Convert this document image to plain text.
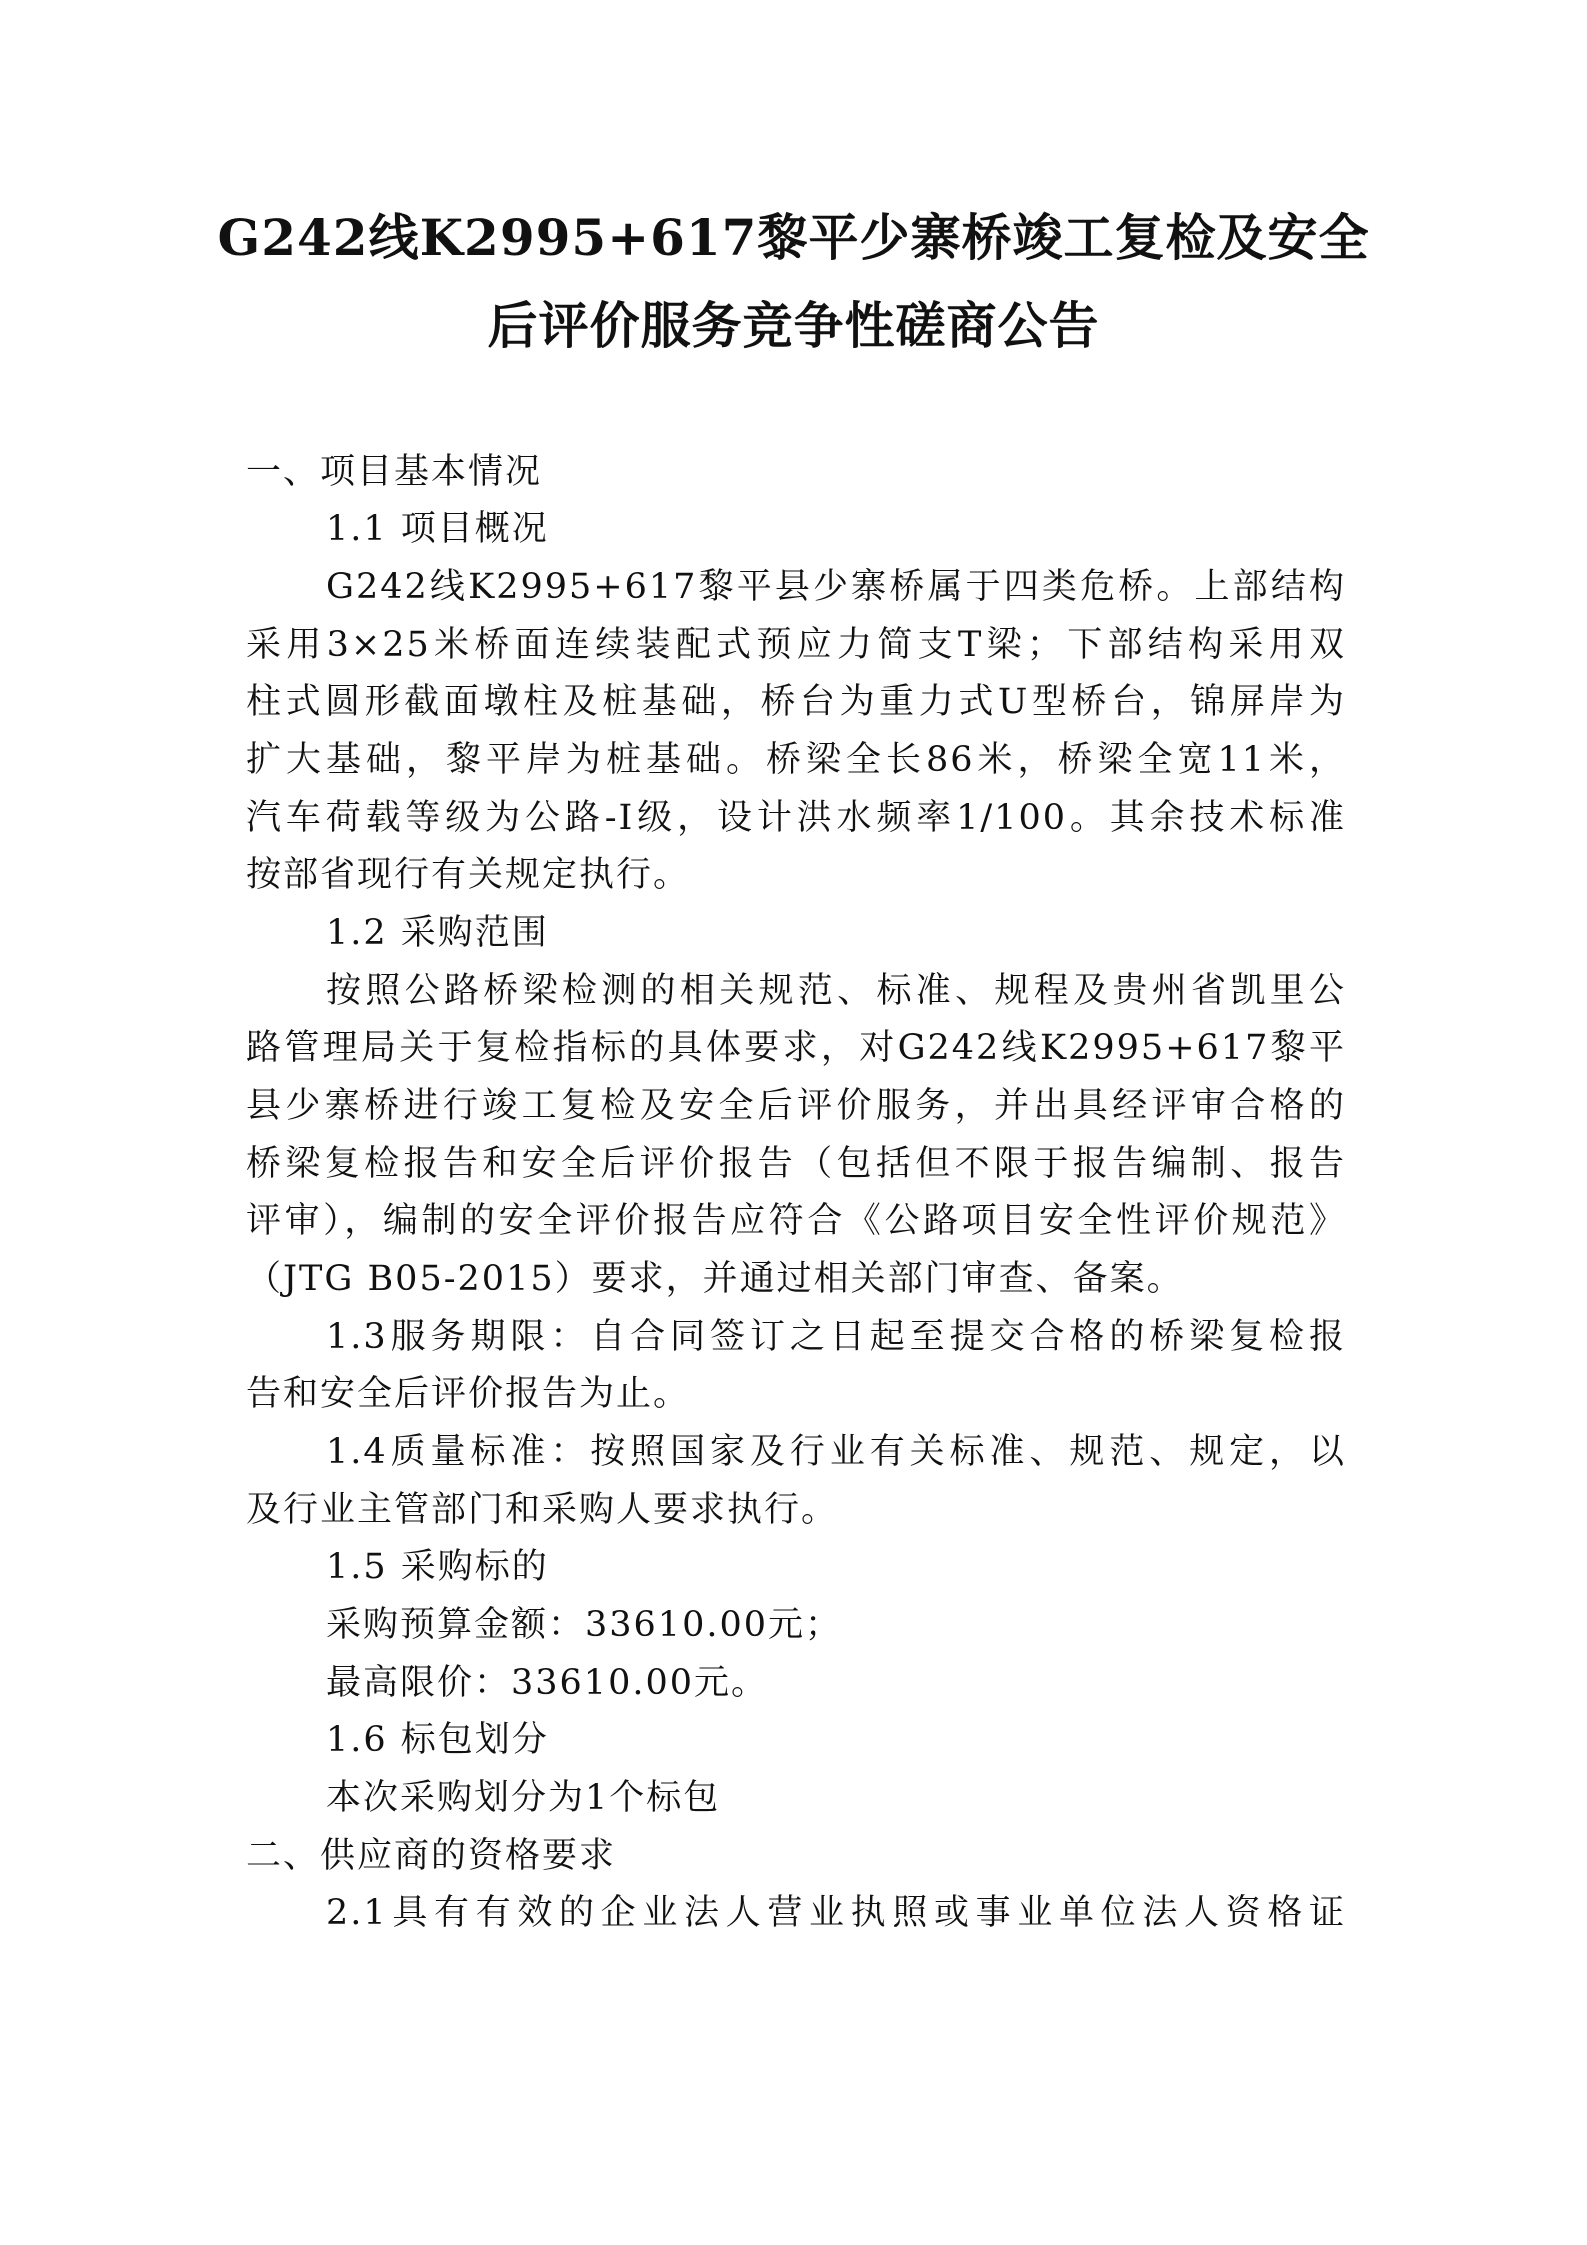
G242线K2995+617黎平少寨桥竣工复检及安全
后评价服务竞争性磋商公告

一、项目基本情况

1.1 项目概况

G242线K2995+617黎平县少寨桥属于四类危桥。上部结构

采用3×25米桥面连续装配式预应力简支T梁；下部结构采用双

柱式圆形截面墩柱及桩基础，桥台为重力式U型桥台，锦屏岸为

扩大基础，黎平岸为桩基础。桥梁全长86米，桥梁全宽11米，

汽车荷载等级为公路-I级，设计洪水频率1/100。其余技术标准

按部省现行有关规定执行。

1.2 采购范围

按照公路桥梁检测的相关规范、标准、规程及贵州省凯里公

路管理局关于复检指标的具体要求，对G242线K2995+617黎平

县少寨桥进行竣工复检及安全后评价服务，并出具经评审合格的

桥梁复检报告和安全后评价报告（包括但不限于报告编制、报告

评审），编制的安全评价报告应符合《公路项目安全性评价规范》

（JTG B05-2015）要求，并通过相关部门审查、备案。

1.3服务期限：自合同签订之日起至提交合格的桥梁复检报

告和安全后评价报告为止。

1.4质量标准：按照国家及行业有关标准、规范、规定，以

及行业主管部门和采购人要求执行。

1.5 采购标的

采购预算金额：33610.00元；

最高限价：33610.00元。

1.6 标包划分

本次采购划分为1个标包

二、供应商的资格要求

2.1具有有效的企业法人营业执照或事业单位法人资格证
